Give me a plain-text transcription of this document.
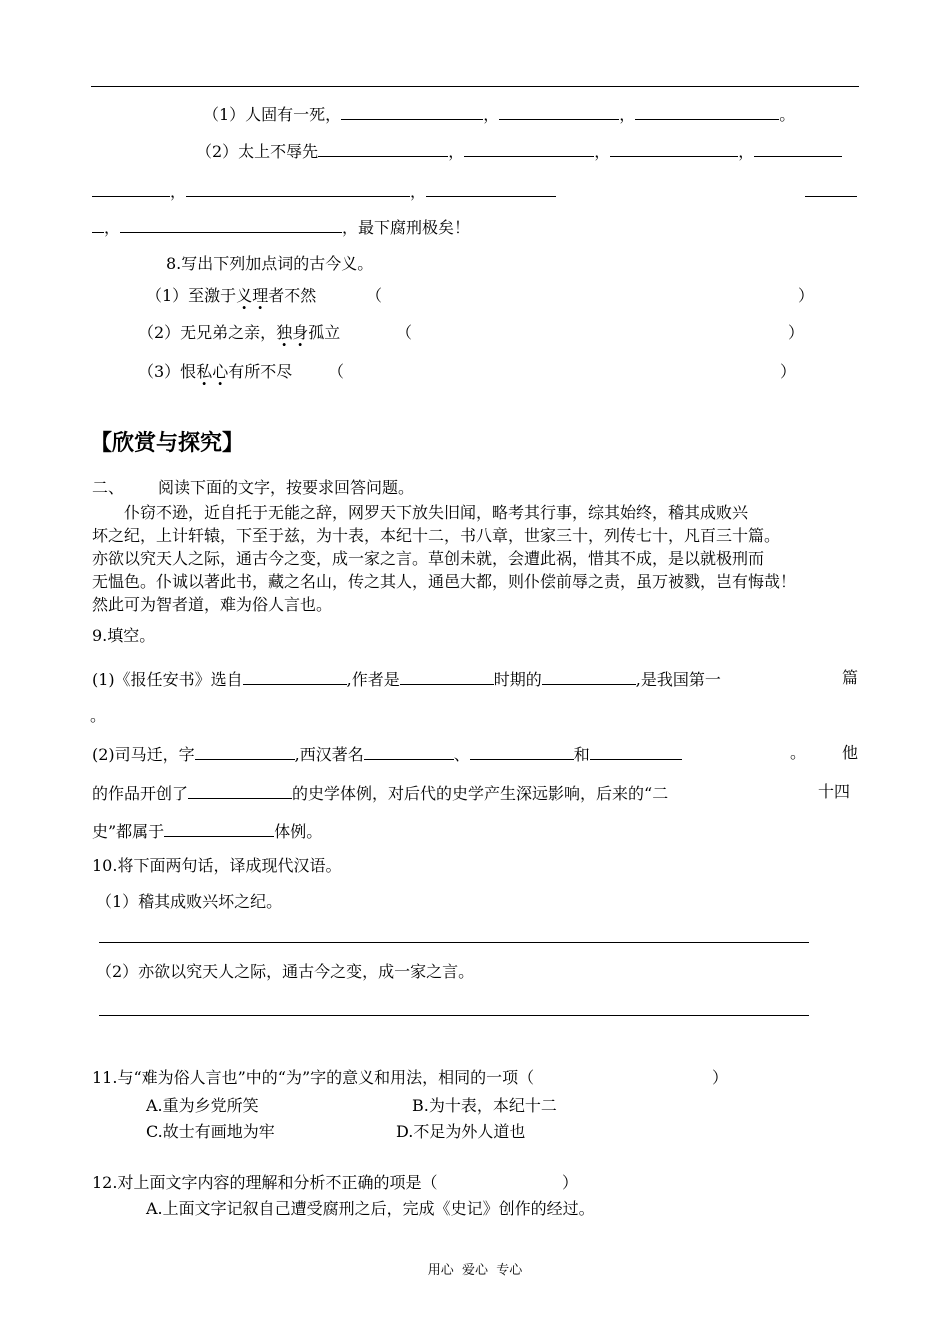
（1）人固有一死，	，	，	。
（2）太上不辱先	，	，	，
，	，
，	，最下腐刑极矣！
8.写出下列加点词的古今义。
（1）至激于义理者不然	（	）
（2）无兄弟之亲，独身孤立	（	）
（3）恨私心有所不尽 （	）
【欣赏与探究】
二、 阅读下面的文字，按要求回答问题。
仆窃不逊，近自托于无能之辞，网罗天下放失旧闻，略考其行事，综其始终，稽其成败兴
坏之纪，上计轩辕，下至于兹，为十表，本纪十二，书八章，世家三十，列传七十，凡百三十篇。
亦欲以究天人之际，通古今之变，成一家之言。草创未就，会遭此祸，惜其不成，是以就极刑而
无愠色。仆诚以著此书，藏之名山，传之其人，通邑大都，则仆偿前辱之责，虽万被戮，岂有悔哉！
然此可为智者道，难为俗人言也。
9.填空。
(1)《报任安书》选自	,作者是	时期的	,是我国第一	篇
。
(2)司马迁，字	,西汉著名	、	和	。 他
的作品开创了	的史学体例，对后代的史学产生深远影响，后来的“二	十四
史”都属于	体例。
10.将下面两句话，译成现代汉语。
（1）稽其成败兴坏之纪。
（2）亦欲以究天人之际，通古今之变，成一家之言。
11.与“难为俗人言也”中的“为”字的意义和用法，相同的一项（	）
A.重为乡党所笑	B.为十表，本纪十二
C.故士有画地为牢	D.不足为外人道也
12.对上面文字内容的理解和分析不正确的项是（	）
A.上面文字记叙自己遭受腐刑之后，完成《史记》创作的经过。
用心  爱心  专心
